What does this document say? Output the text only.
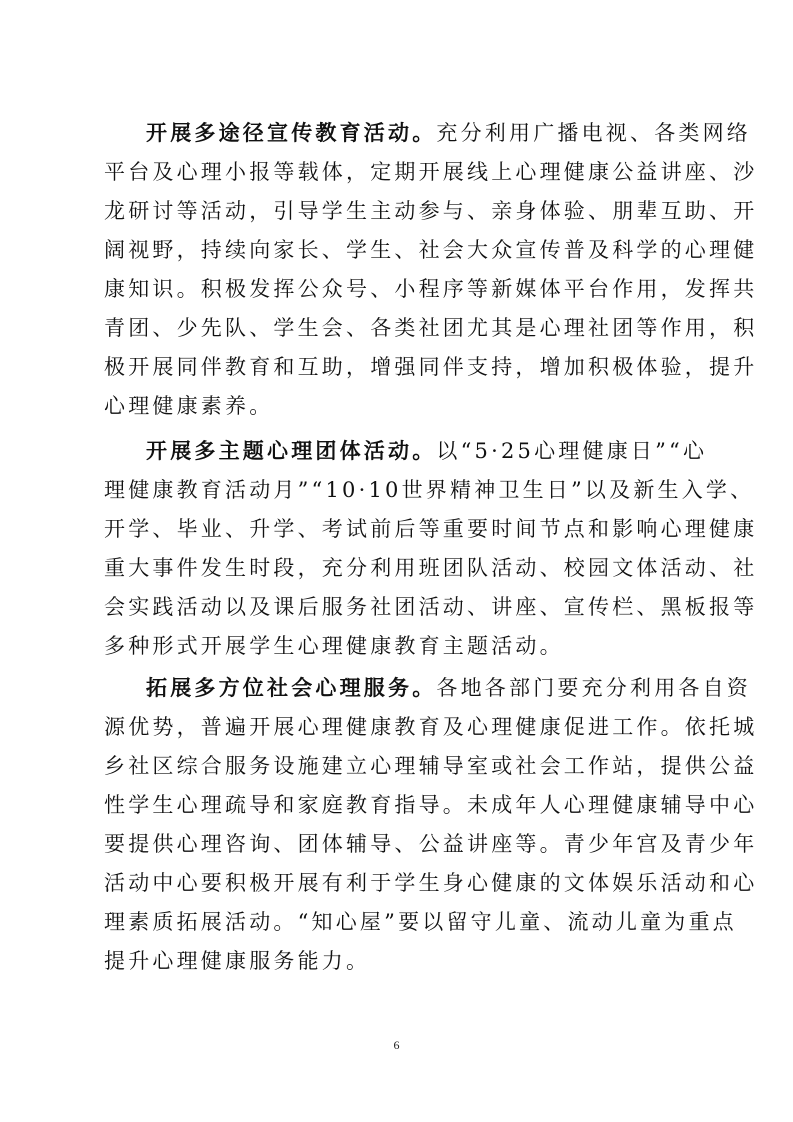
开展多途径宣传教育活动。充分利用广播电视、各类网络
平台及心理小报等载体，定期开展线上心理健康公益讲座、沙
龙研讨等活动，引导学生主动参与、亲身体验、朋辈互助、开
阔视野，持续向家长、学生、社会大众宣传普及科学的心理健
康知识。积极发挥公众号、小程序等新媒体平台作用，发挥共
青团、少先队、学生会、各类社团尤其是心理社团等作用，积
极开展同伴教育和互助，增强同伴支持，增加积极体验，提升
心理健康素养。
开展多主题心理团体活动。以“5·25心理健康日”“心
理健康教育活动月”“10·10世界精神卫生日”以及新生入学、
开学、毕业、升学、考试前后等重要时间节点和影响心理健康
重大事件发生时段，充分利用班团队活动、校园文体活动、社
会实践活动以及课后服务社团活动、讲座、宣传栏、黑板报等
多种形式开展学生心理健康教育主题活动。
拓展多方位社会心理服务。各地各部门要充分利用各自资
源优势，普遍开展心理健康教育及心理健康促进工作。依托城
乡社区综合服务设施建立心理辅导室或社会工作站，提供公益
性学生心理疏导和家庭教育指导。未成年人心理健康辅导中心
要提供心理咨询、团体辅导、公益讲座等。青少年宫及青少年
活动中心要积极开展有利于学生身心健康的文体娱乐活动和心
理素质拓展活动。“知心屋”要以留守儿童、流动儿童为重点
提升心理健康服务能力。
6
